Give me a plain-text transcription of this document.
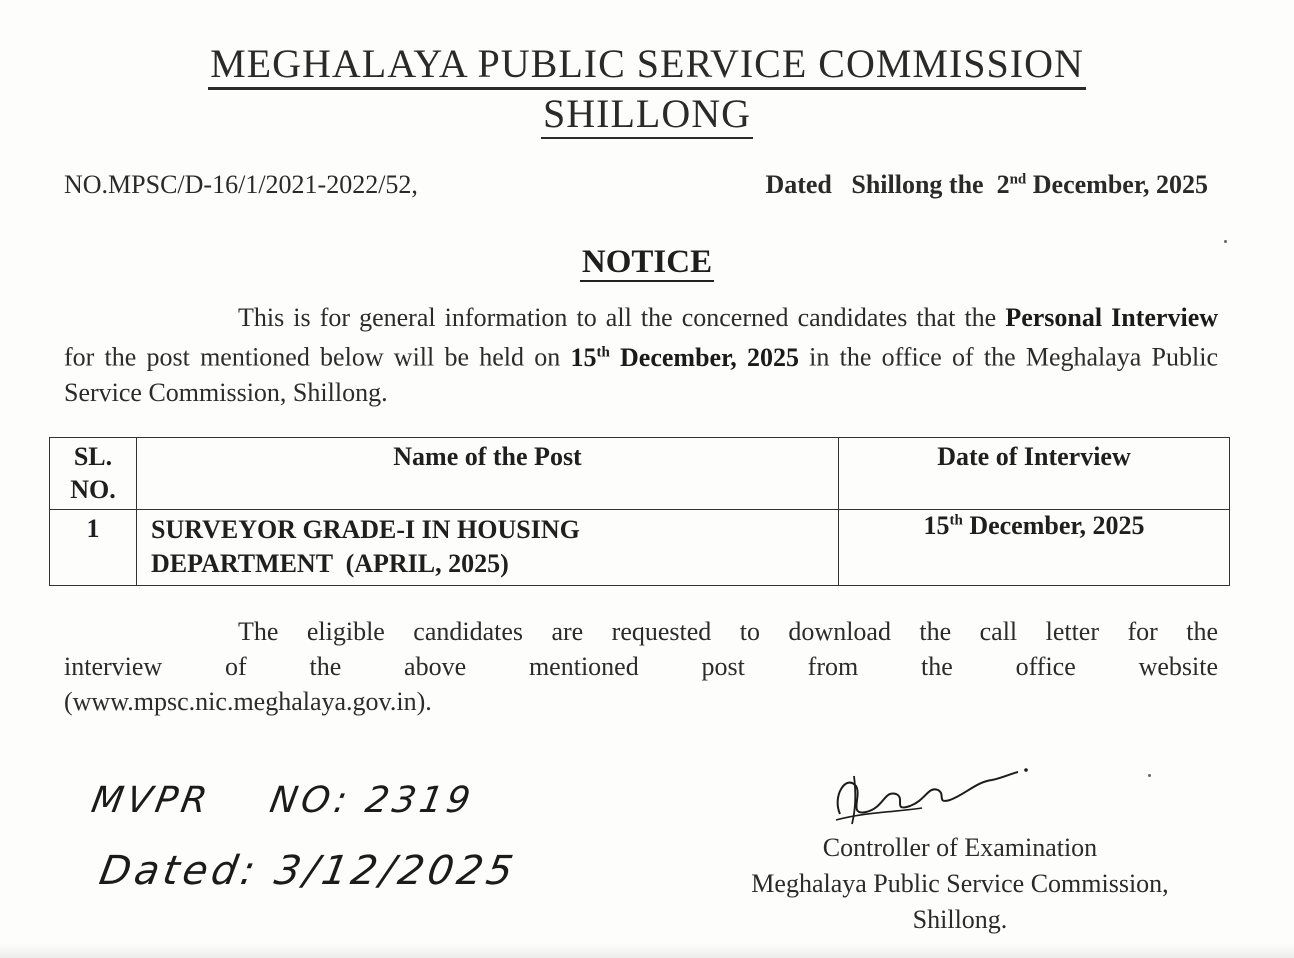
MEGHALAYA PUBLIC SERVICE COMMISSION
SHILLONG
NO.MPSC/D-16/1/2021-2022/52,	Dated   Shillong the  2nd December, 2025
NOTICE
This is for general information to all the concerned candidates that the Personal Interview for the post mentioned below will be held on 15th December, 2025 in the office of the Meghalaya Public Service Commission, Shillong.
SL.
NO.	Name of the Post	Date of Interview
1	SURVEYOR GRADE-I IN HOUSING
DEPARTMENT  (APRIL, 2025)	15th December, 2025
The eligible candidates are requested to download the call letter for the
interview of the above mentioned post from the office website
(www.mpsc.nic.meghalaya.gov.in).
MVPR NO: 2319
Dated: 3/12/2025
Controller of Examination
Meghalaya Public Service Commission,
Shillong.
